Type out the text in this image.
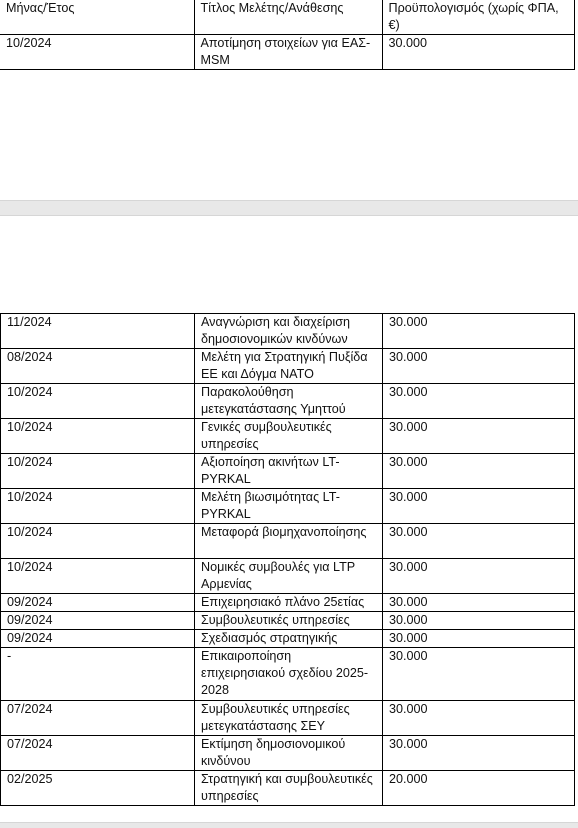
Μήνας/Έτος	Τίτλος Μελέτης/Ανάθεσης	Προϋπολογισμός (χωρίς ΦΠΑ, €)
10/2024	Αποτίμηση στοιχείων για ΕΑΣ-MSM	30.000
11/2024	Αναγνώριση και διαχείριση δημοσιονομικών κινδύνων	30.000
08/2024	Μελέτη για Στρατηγική Πυξίδα ΕΕ και Δόγμα ΝΑΤΟ	30.000
10/2024	Παρακολούθηση μετεγκατάστασης Υμηττού	30.000
10/2024	Γενικές συμβουλευτικές υπηρεσίες	30.000
10/2024	Αξιοποίηση ακινήτων LT-PYRKAL	30.000
10/2024	Μελέτη βιωσιμότητας LT-PYRKAL	30.000
10/2024	Μεταφορά βιομηχανοποίησης	30.000
10/2024	Νομικές συμβουλές για LTP Αρμενίας	30.000
09/2024	Επιχειρησιακό πλάνο 25ετίας	30.000
09/2024	Συμβουλευτικές υπηρεσίες	30.000
09/2024	Σχεδιασμός στρατηγικής	30.000
-	Επικαιροποίηση επιχειρησιακού σχεδίου 2025-2028	30.000
07/2024	Συμβουλευτικές υπηρεσίες μετεγκατάστασης ΣΕΥ	30.000
07/2024	Εκτίμηση δημοσιονομικού κινδύνου	30.000
02/2025	Στρατηγική και συμβουλευτικές υπηρεσίες	20.000
